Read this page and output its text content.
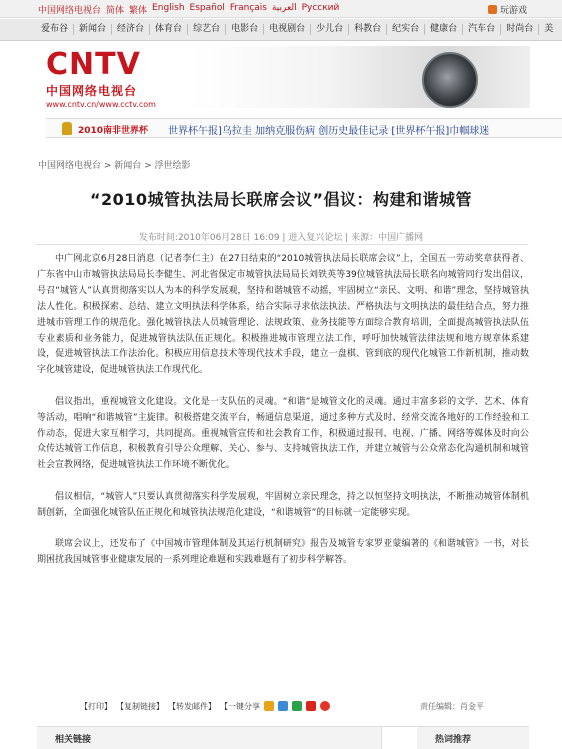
中国网络电视台 简体 繁体 English Español Français العربية Русский	玩游戏
爱布谷	新闻台	经济台	体育台	综艺台	电影台	电视剧台	少儿台	科教台	纪实台	健康台	汽车台	时尚台	美
CNTV
中国网络电视台
www.cntv.cn/www.cctv.com
2010南非世界杯 世界杯午报]乌拉圭 加纳克服伤病 创历史最佳记录 [世界杯午报]巾帼球迷
中国网络电视台 > 新闻台 > 浮世绘影
“2010城管执法局长联席会议”倡议：构建和谐城管
发布时间:2010年06月28日 16:09 | 进入复兴论坛 | 来源：中国广播网

中广网北京6月28日消息（记者李仁主）在27日结束的“2010城管执法局长联席会议”上，全国五一劳动奖章获得者、广东省中山市城管执法局局长李健生、河北省保定市城管执法局局长刘铁英等39位城管执法局长联名向城管同行发出倡议，号召“城管人”认真贯彻落实以人为本的科学发展观，坚持和谐城管不动摇，牢固树立“亲民、文明、和谐”理念，坚持城管执法人性化。积极探索、总结、建立文明执法科学体系，结合实际寻求依法执法、严格执法与文明执法的最佳结合点，努力推进城市管理工作的规范化。强化城管执法人员城管理论、法规政策、业务技能等方面综合教育培训，全面提高城管执法队伍专业素质和业务能力，促进城管执法队伍正规化。积极推进城市管理立法工作，呼吁加快城管法律法规和地方规章体系建设，促进城管执法工作法治化。积极应用信息技术等现代技术手段，建立一盘棋、管到底的现代化城管工作新机制，推动数字化城管建设，促进城管执法工作现代化。

倡议指出，重视城管文化建设。文化是一支队伍的灵魂。“和谐”是城管文化的灵魂。通过丰富多彩的文学、艺术、体育等活动，唱响“和谐城管”主旋律。积极搭建交流平台，畅通信息渠道，通过多种方式及时、经常交流各地好的工作经验和工作动态，促进大家互相学习，共同提高。重视城管宣传和社会教育工作，积极通过报刊、电视、广播、网络等媒体及时向公众传达城管工作信息，积极教育引导公众理解、关心、参与、支持城管执法工作，并建立城管与公众常态化沟通机制和城管社会宣教网络，促进城管执法工作环境不断优化。

倡议相信，“城管人”只要认真贯彻落实科学发展观，牢固树立亲民理念，持之以恒坚持文明执法，不断推动城管体制机制创新，全面强化城管队伍正规化和城管执法规范化建设，“和谐城管”的目标就一定能够实现。

联席会议上，还发布了《中国城市管理体制及其运行机制研究》报告及城管专家罗亚蒙编著的《和谐城管》一书，对长期困扰我国城管事业健康发展的一系列理论难题和实践难题有了初步科学解答。

【打印】 【复制链接】 【转发邮件】 【一键分享	责任编辑：肖金平
相关链接	热词推荐
